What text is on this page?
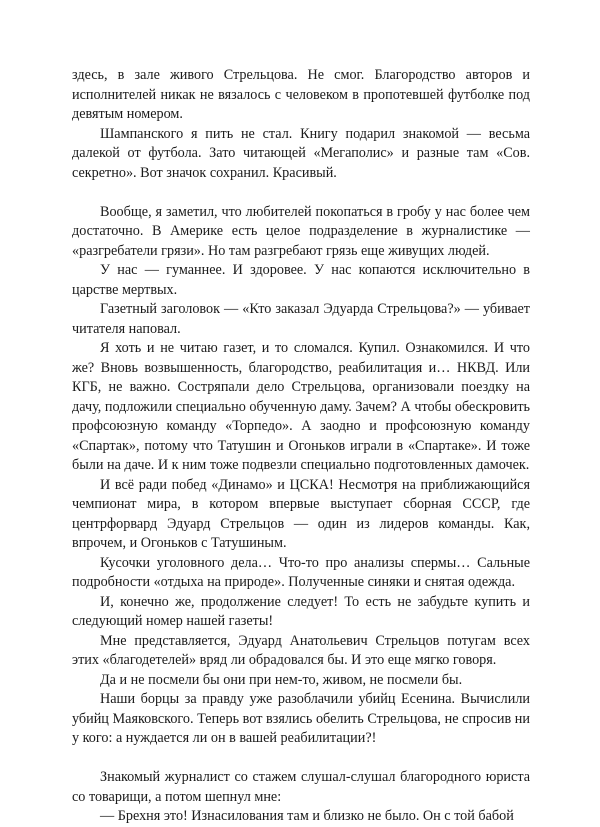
здесь, в зале живого Стрельцова. Не смог. Благородство авторов и исполнителей никак не вязалось с человеком в пропотевшей футболке под девятым номером.

Шампанского я пить не стал. Книгу подарил знакомой — весьма далекой от футбола. Зато читающей «Мегаполис» и разные там «Сов. секретно». Вот значок сохранил. Красивый.

Вообще, я заметил, что любителей покопаться в гробу у нас более чем достаточно. В Америке есть целое подразделение в журналистике — «разгребатели грязи». Но там разгребают грязь еще живущих людей.

У нас — гуманнее. И здоровее. У нас копаются исключительно в царстве мертвых.

Газетный заголовок — «Кто заказал Эдуарда Стрельцова?» — убивает читателя наповал.

Я хоть и не читаю газет, и то сломался. Купил. Ознакомился. И что же? Вновь возвышенность, благородство, реабилитация и… НКВД. Или КГБ, не важно. Состряпали дело Стрельцова, организовали поездку на дачу, подложили специально обученную даму. Зачем? А чтобы обескровить профсоюзную команду «Торпедо». А заодно и профсоюзную команду «Спартак», потому что Татушин и Огоньков играли в «Спартаке». И тоже были на даче. И к ним тоже подвезли специально подготовленных дамочек.

И всё ради побед «Динамо» и ЦСКА! Несмотря на приближающийся чемпионат мира, в котором впервые выступает сборная СССР, где центрфорвард Эдуард Стрельцов — один из лидеров команды. Как, впрочем, и Огоньков с Татушиным.

Кусочки уголовного дела… Что-то про анализы спермы… Сальные подробности «отдыха на природе». Полученные синяки и снятая одежда.

И, конечно же, продолжение следует! То есть не забудьте купить и следующий номер нашей газеты!

Мне представляется, Эдуард Анатольевич Стрельцов потугам всех этих «благодетелей» вряд ли обрадовался бы. И это еще мягко говоря.

Да и не посмели бы они при нем-то, живом, не посмели бы.

Наши борцы за правду уже разоблачили убийц Есенина. Вычислили убийц Маяковского. Теперь вот взялись обелить Стрельцова, не спросив ни у кого: а нуждается ли он в вашей реабилитации?!

Знакомый журналист со стажем слушал-слушал благородного юриста со товарищи, а потом шепнул мне:

— Брехня это! Изнасилования там и близко не было. Он с той бабой
